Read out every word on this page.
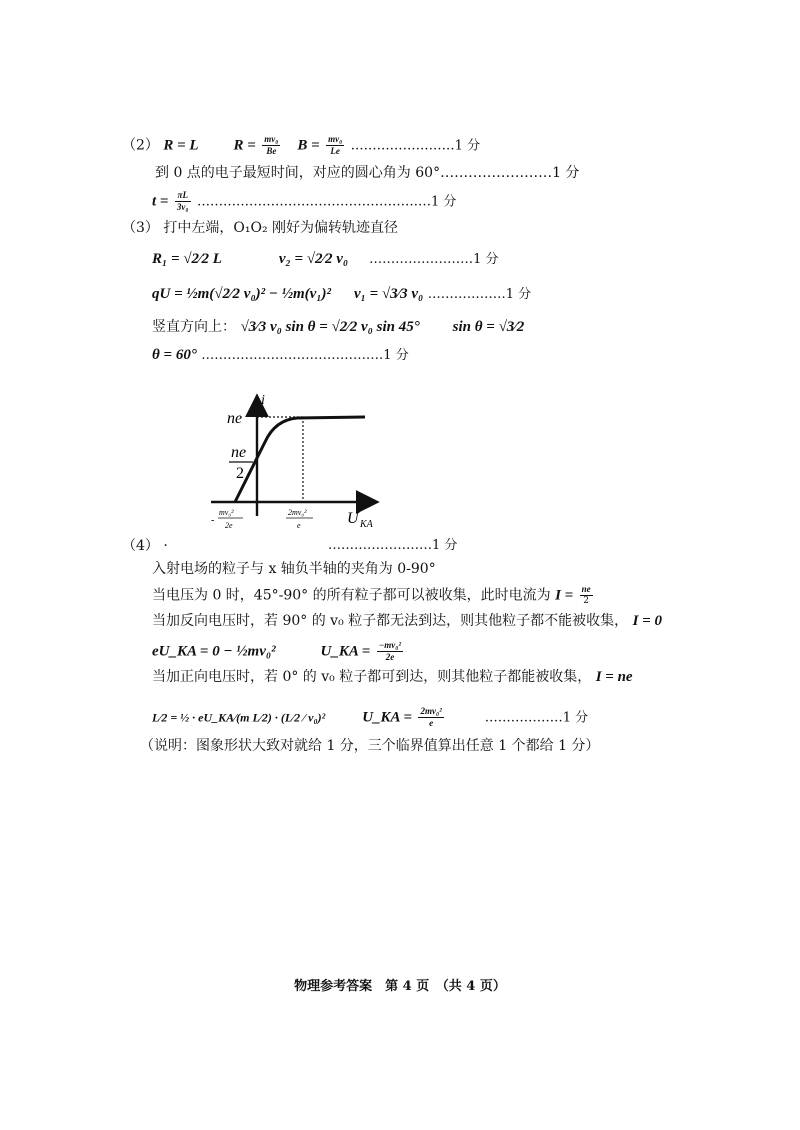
（2） R = L $R = \frac{\text{mv₀}}{Be}$ $B = \frac{\text{mv₀}}{Le}$ ……………………1 分
到 0 点的电子最短时间，对应的圆心角为 60°……………………1 分
$t = \frac{\pi L}{\text{3v₀}}$ ………………………………………………1 分
（3） 打中左端，O₁O₂ 刚好为偏转轨迹直径
R₁ = √2⁄2 L	v₂ = √2⁄2 v₀ ……………………1 分
qU = ½m(√2⁄2 v₀)² − ½m(v₁)² v₁ = √3⁄3 v₀ ………………1 分
竖直方向上： √3⁄3 v₀ sin θ = √2⁄2 v₀ sin 45° sin θ = √3⁄2
θ = 60° ……………………………………1 分
i
ne
ne
2
-
mv₀²
2e
2mv₀²
e	U KA
（4） ·	……………………1 分
入射电场的粒子与 x 轴负半轴的夹角为 0-90°
当电压为 0 时，45°-90° 的所有粒子都可以被收集，此时电流为 $I = \frac{ne}{2}$
当加反向电压时，若 90° 的 v₀ 粒子都无法到达，则其他粒子都不能被收集， I = 0
eU_KA = 0 − ½mv₀²	U_KA = $\frac{\text{−mv₀²}}{2e}$
当加正向电压时，若 0° 的 v₀ 粒子都可到达，则其他粒子都能被收集， I = ne
L⁄2 = ½ · eU_KA⁄(m L⁄2) · (L⁄2 ⁄ v₀)² U_KA = $\frac{\text{2mv₀²}}{e}$	………………1 分
（说明：图象形状大致对就给 1 分，三个临界值算出任意 1 个都给 1 分）
物理参考答案　第 4 页　（共 4 页）
